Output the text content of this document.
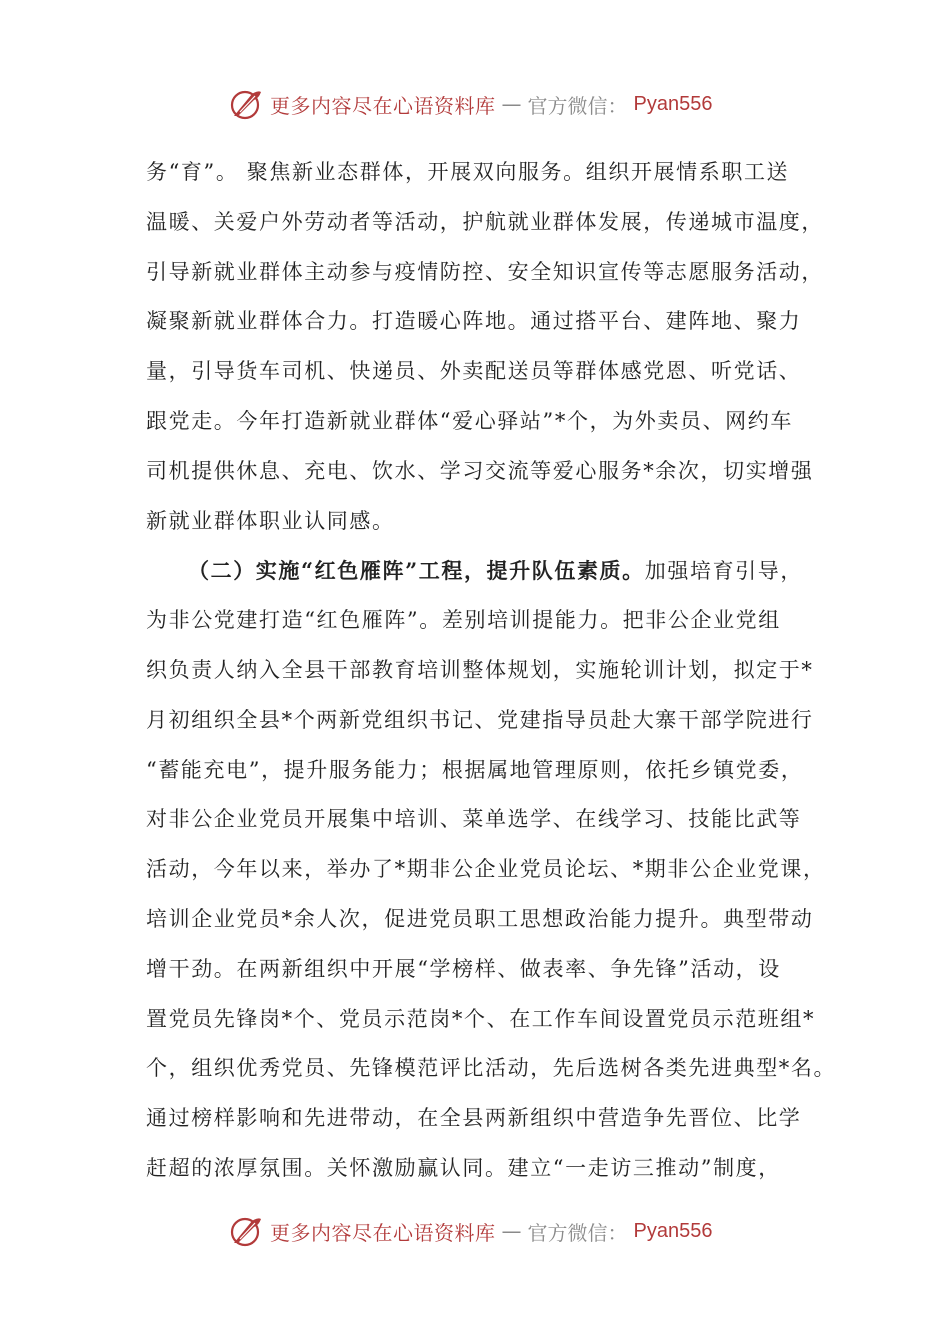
更多内容尽在心语资料库 — 官方微信： Pyan556
务“育”。 聚焦新业态群体，开展双向服务。组织开展情系职工送
温暖、关爱户外劳动者等活动，护航就业群体发展，传递城市温度，
引导新就业群体主动参与疫情防控、安全知识宣传等志愿服务活动，
凝聚新就业群体合力。打造暖心阵地。通过搭平台、建阵地、聚力
量，引导货车司机、快递员、外卖配送员等群体感党恩、听党话、
跟党走。今年打造新就业群体“爱心驿站”*个，为外卖员、网约车
司机提供休息、充电、饮水、学习交流等爱心服务*余次，切实增强
新就业群体职业认同感。
（二）实施“红色雁阵”工程，提升队伍素质。加强培育引导，
为非公党建打造“红色雁阵”。差别培训提能力。把非公企业党组
织负责人纳入全县干部教育培训整体规划，实施轮训计划，拟定于*
月初组织全县*个两新党组织书记、党建指导员赴大寨干部学院进行
“蓄能充电”，提升服务能力；根据属地管理原则，依托乡镇党委，
对非公企业党员开展集中培训、菜单选学、在线学习、技能比武等
活动，今年以来，举办了*期非公企业党员论坛、*期非公企业党课，
培训企业党员*余人次，促进党员职工思想政治能力提升。典型带动
增干劲。在两新组织中开展“学榜样、做表率、争先锋”活动，设
置党员先锋岗*个、党员示范岗*个、在工作车间设置党员示范班组*
个，组织优秀党员、先锋模范评比活动，先后选树各类先进典型*名。
通过榜样影响和先进带动，在全县两新组织中营造争先晋位、比学
赶超的浓厚氛围。关怀激励赢认同。建立“一走访三推动”制度，
更多内容尽在心语资料库 — 官方微信： Pyan556
